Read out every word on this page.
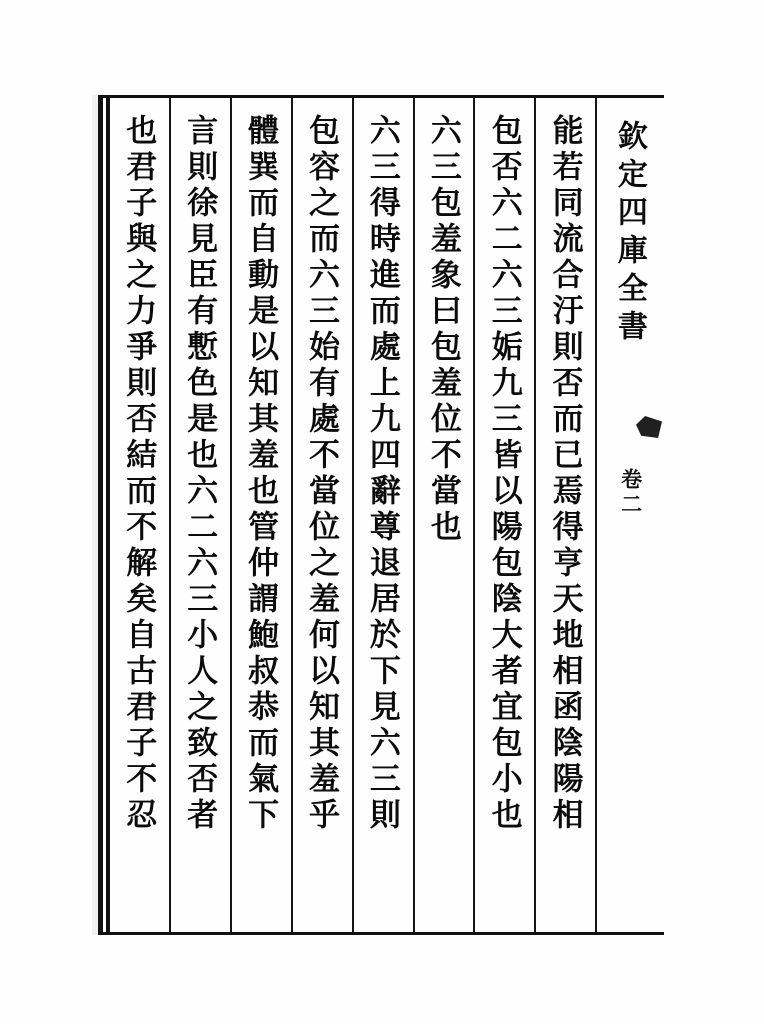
欽定四庫全書
卷二
能若同流合汙則否而已焉得亨天地相函陰陽相
包否六二六三姤九三皆以陽包陰大者宜包小也
六三包羞象曰包羞位不當也
六三得時進而處上九四辭尊退居於下見六三則
包容之而六三始有處不當位之羞何以知其羞乎
體巽而自動是以知其羞也管仲謂鮑叔恭而氣下
言則徐見臣有慙色是也六二六三小人之致否者
也君子與之力爭則否結而不解矣自古君子不忍
